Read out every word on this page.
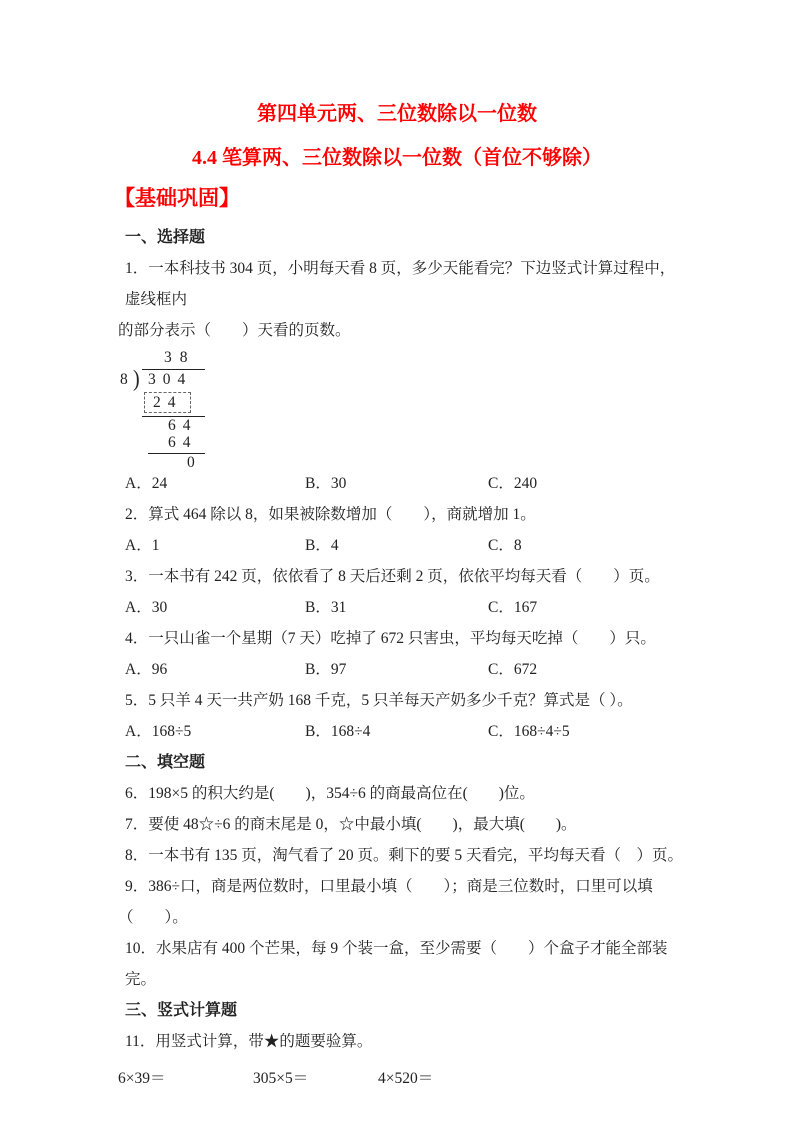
第四单元两、三位数除以一位数
4.4 笔算两、三位数除以一位数（首位不够除）
【基础巩固】

一、选择题

1．一本科技书 304 页，小明每天看 8 页，多少天能看完？下边竖式计算过程中，虚线框内

的部分表示（　　）天看的页数。

38
8 ) 304
24
64
64
0
A．24	B．30	C．240

2．算式 464 除以 8，如果被除数增加（　　），商就增加 1。

A．1	B．4	C．8

3．一本书有 242 页，依依看了 8 天后还剩 2 页，依依平均每天看（　　）页。

A．30	B．31	C．167

4．一只山雀一个星期（7 天）吃掉了 672 只害虫，平均每天吃掉（　　）只。

A．96	B．97	C．672

5．5 只羊 4 天一共产奶 168 千克，5 只羊每天产奶多少千克？算式是（ ）。

A．168÷5	B．168÷4	C．168÷4÷5

二、填空题

6．198×5 的积大约是(　　)，354÷6 的商最高位在(　　)位。

7．要使 48☆÷6 的商末尾是 0，☆中最小填(　　)，最大填(　　)。

8．一本书有 135 页，淘气看了 20 页。剩下的要 5 天看完，平均每天看（　）页。

9．386÷口，商是两位数时，口里最小填（　　）；商是三位数时，口里可以填

（　　）。

10．水果店有 400 个芒果，每 9 个装一盒，至少需要（　　）个盒子才能全部装完。

三、竖式计算题

11．用竖式计算，带★的题要验算。

6×39＝	305×5＝	4×520＝
